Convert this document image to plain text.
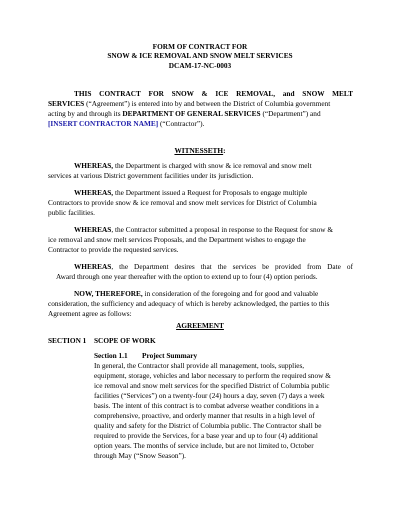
FORM OF CONTRACT FOR
SNOW & ICE REMOVAL AND SNOW MELT SERVICES
DCAM-17-NC-0003
THIS CONTRACT FOR SNOW & ICE REMOVAL, and SNOW MELT
SERVICES (“Agreement”) is entered into by and between the District of Columbia government
acting by and through its DEPARTMENT OF GENERAL SERVICES (“Department”) and
[INSERT CONTRACTOR NAME] (“Contractor”).
WITNESSETH:
WHEREAS, the Department is charged with snow & ice removal and snow melt
services at various District government facilities under its jurisdiction.
WHEREAS, the Department issued a Request for Proposals to engage multiple
Contractors to provide snow & ice removal and snow melt services for District of Columbia
public facilities.
WHEREAS, the Contractor submitted a proposal in response to the Request for snow &
ice removal and snow melt services Proposals, and the Department wishes to engage the
Contractor to provide the requested services.
WHEREAS, the Department desires that the services be provided from Date of
Award through one year thereafter with the option to extend up to four (4) option periods.
NOW, THEREFORE, in consideration of the foregoing and for good and valuable
consideration, the sufficiency and adequacy of which is hereby acknowledged, the parties to this
Agreement agree as follows:
AGREEMENT
SECTION 1 SCOPE OF WORK
Section 1.1 Project Summary
In general, the Contractor shall provide all management, tools, supplies,
equipment, storage, vehicles and labor necessary to perform the required snow &
ice removal and snow melt services for the specified District of Columbia public
facilities (“Services”) on a twenty-four (24) hours a day, seven (7) days a week
basis. The intent of this contract is to combat adverse weather conditions in a
comprehensive, proactive, and orderly manner that results in a high level of
quality and safety for the District of Columbia public. The Contractor shall be
required to provide the Services, for a base year and up to four (4) additional
option years. The months of service include, but are not limited to, October
through May (“Snow Season”).
